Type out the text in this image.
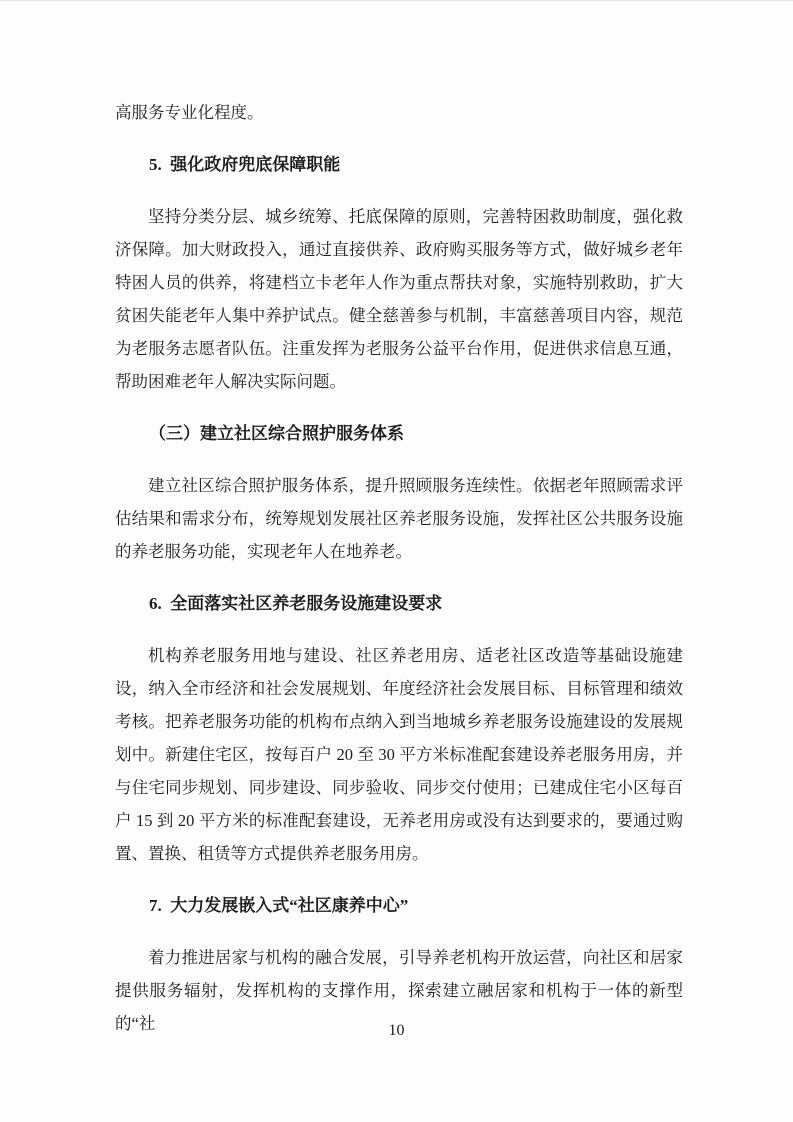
高服务专业化程度。

5.  强化政府兜底保障职能

坚持分类分层、城乡统筹、托底保障的原则，完善特困救助制度，强化救济保障。加大财政投入，通过直接供养、政府购买服务等方式，做好城乡老年特困人员的供养，将建档立卡老年人作为重点帮扶对象，实施特别救助，扩大贫困失能老年人集中养护试点。健全慈善参与机制，丰富慈善项目内容，规范为老服务志愿者队伍。注重发挥为老服务公益平台作用，促进供求信息互通，帮助困难老年人解决实际问题。

（三）建立社区综合照护服务体系

建立社区综合照护服务体系，提升照顾服务连续性。依据老年照顾需求评估结果和需求分布，统筹规划发展社区养老服务设施，发挥社区公共服务设施的养老服务功能，实现老年人在地养老。

6.  全面落实社区养老服务设施建设要求

机构养老服务用地与建设、社区养老用房、适老社区改造等基础设施建设，纳入全市经济和社会发展规划、年度经济社会发展目标、目标管理和绩效考核。把养老服务功能的机构布点纳入到当地城乡养老服务设施建设的发展规划中。新建住宅区，按每百户 20 至 30 平方米标准配套建设养老服务用房，并与住宅同步规划、同步建设、同步验收、同步交付使用；已建成住宅小区每百户 15 到 20 平方米的标准配套建设，无养老用房或没有达到要求的，要通过购置、置换、租赁等方式提供养老服务用房。

7.  大力发展嵌入式“社区康养中心”

着力推进居家与机构的融合发展，引导养老机构开放运营，向社区和居家提供服务辐射，发挥机构的支撑作用，探索建立融居家和机构于一体的新型的“社	10
